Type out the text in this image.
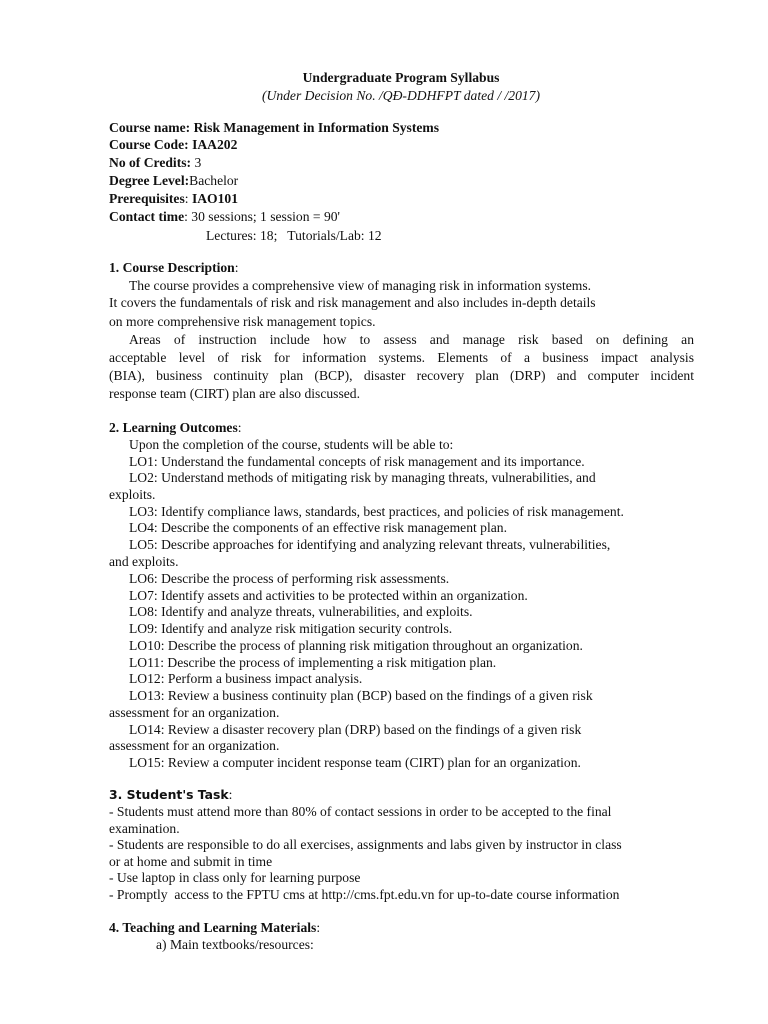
Undergraduate Program Syllabus
(Under Decision No. /QĐ-DDHFPT dated / /2017)
Course name: Risk Management in Information Systems
Course Code: IAA202
No of Credits: 3
Degree Level:Bachelor
Prerequisites: IAO101
Contact time: 30 sessions; 1 session = 90'
Lectures: 18;   Tutorials/Lab: 12
1. Course Description:
The course provides a comprehensive view of managing risk in information systems.
It covers the fundamentals of risk and risk management and also includes in-depth details
on more comprehensive risk management topics.
Areas of instruction include how to assess and manage risk based on defining an
acceptable level of risk for information systems. Elements of a business impact analysis
(BIA), business continuity plan (BCP), disaster recovery plan (DRP) and computer incident
response team (CIRT) plan are also discussed.
2. Learning Outcomes:
Upon the completion of the course, students will be able to:
LO1: Understand the fundamental concepts of risk management and its importance.
LO2: Understand methods of mitigating risk by managing threats, vulnerabilities, and
exploits.
LO3: Identify compliance laws, standards, best practices, and policies of risk management.
LO4: Describe the components of an effective risk management plan.
LO5: Describe approaches for identifying and analyzing relevant threats, vulnerabilities,
and exploits.
LO6: Describe the process of performing risk assessments.
LO7: Identify assets and activities to be protected within an organization.
LO8: Identify and analyze threats, vulnerabilities, and exploits.
LO9: Identify and analyze risk mitigation security controls.
LO10: Describe the process of planning risk mitigation throughout an organization.
LO11: Describe the process of implementing a risk mitigation plan.
LO12: Perform a business impact analysis.
LO13: Review a business continuity plan (BCP) based on the findings of a given risk
assessment for an organization.
LO14: Review a disaster recovery plan (DRP) based on the findings of a given risk
assessment for an organization.
LO15: Review a computer incident response team (CIRT) plan for an organization.
3. Student's Task:
- Students must attend more than 80% of contact sessions in order to be accepted to the final
examination.
- Students are responsible to do all exercises, assignments and labs given by instructor in class
or at home and submit in time
- Use laptop in class only for learning purpose
- Promptly  access to the FPTU cms at http://cms.fpt.edu.vn for up-to-date course information
4. Teaching and Learning Materials:
a) Main textbooks/resources:
